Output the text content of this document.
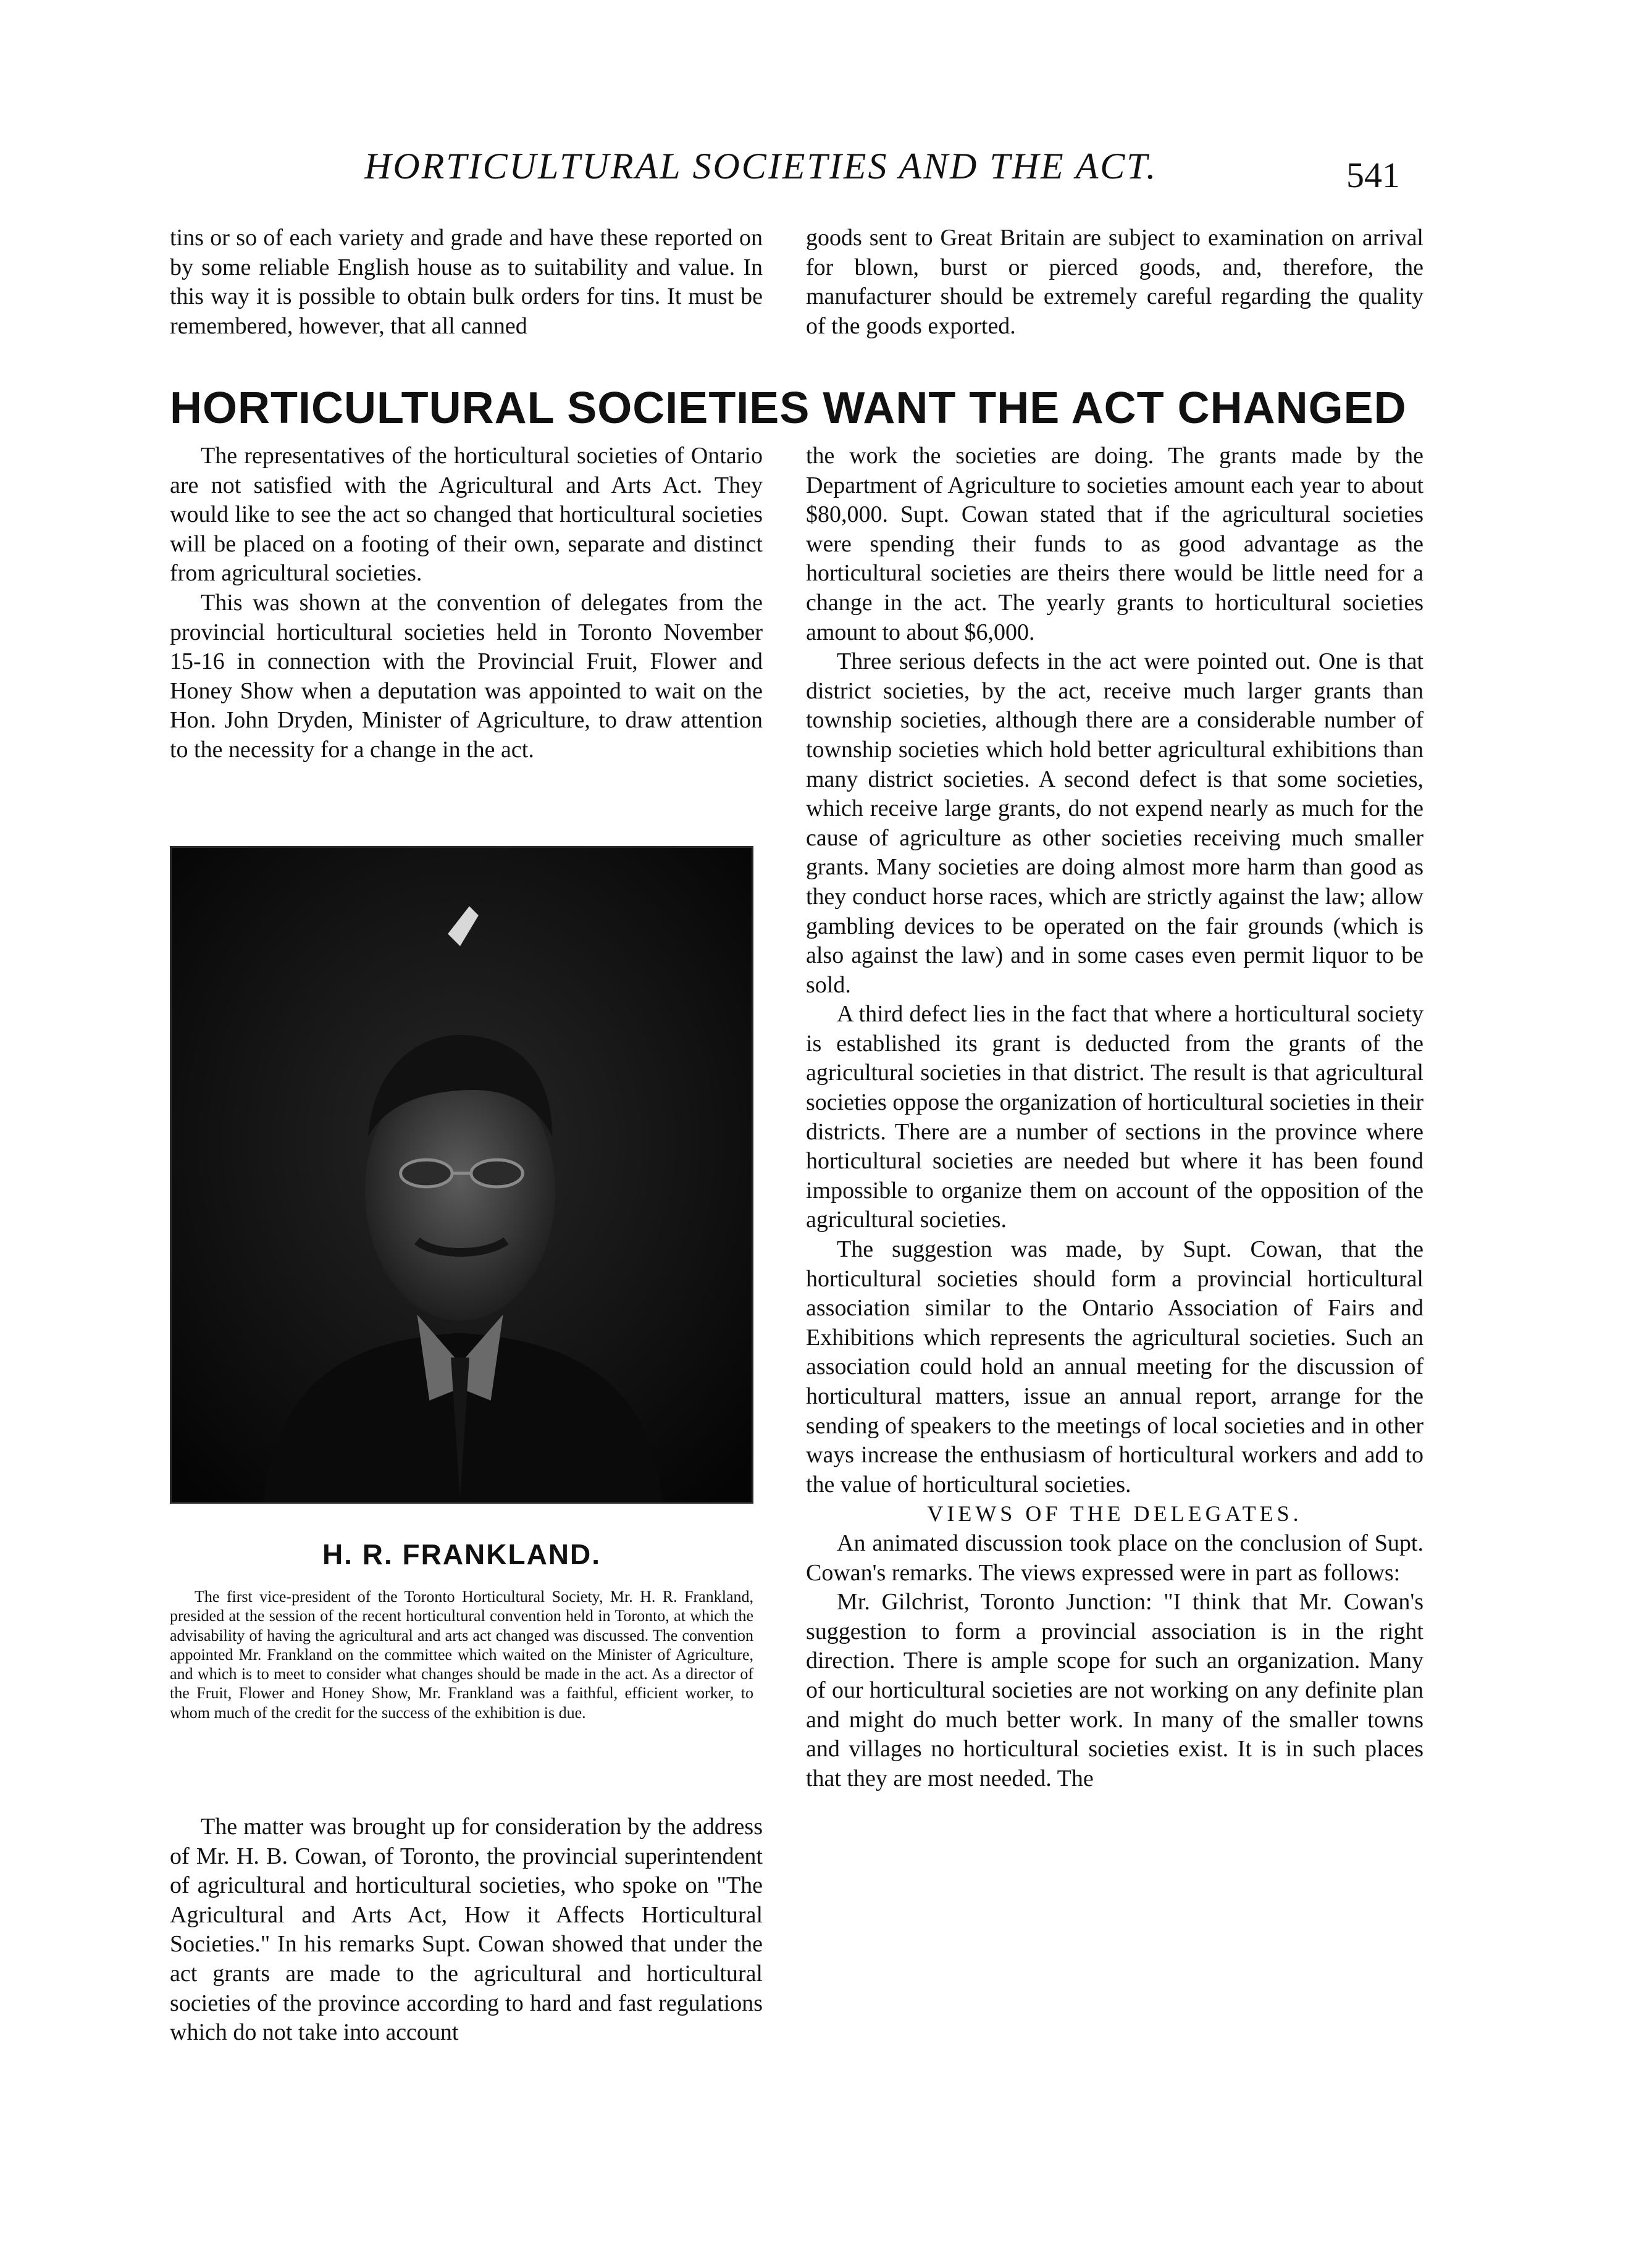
HORTICULTURAL SOCIETIES AND THE ACT.	541

tins or so of each variety and grade and have these reported on by some reliable English house as to suitability and value. In this way it is possible to obtain bulk orders for tins. It must be remembered, however, that all canned

goods sent to Great Britain are subject to examination on arrival for blown, burst or pierced goods, and, therefore, the manufacturer should be extremely careful regarding the quality of the goods exported.

HORTICULTURAL SOCIETIES WANT THE ACT CHANGED

The representatives of the horticultural societies of Ontario are not satisfied with the Agricultural and Arts Act. They would like to see the act so changed that horticultural societies will be placed on a footing of their own, separate and distinct from agricultural societies.

This was shown at the convention of delegates from the provincial horticultural societies held in Toronto November 15-16 in connection with the Provincial Fruit, Flower and Honey Show when a deputation was appointed to wait on the Hon. John Dryden, Minister of Agriculture, to draw attention to the necessity for a change in the act.

H. R. FRANKLAND.

The first vice-president of the Toronto Horticultural Society, Mr. H. R. Frankland, presided at the session of the recent horticultural convention held in Toronto, at which the advisability of having the agricultural and arts act changed was discussed. The convention appointed Mr. Frankland on the committee which waited on the Minister of Agriculture, and which is to meet to consider what changes should be made in the act. As a director of the Fruit, Flower and Honey Show, Mr. Frankland was a faithful, efficient worker, to whom much of the credit for the success of the exhibition is due.

The matter was brought up for consideration by the address of Mr. H. B. Cowan, of Toronto, the provincial superintendent of agricultural and horticultural societies, who spoke on "The Agricultural and Arts Act, How it Affects Horticultural Societies." In his remarks Supt. Cowan showed that under the act grants are made to the agricultural and horticultural societies of the province according to hard and fast regulations which do not take into account

the work the societies are doing. The grants made by the Department of Agriculture to societies amount each year to about $80,000. Supt. Cowan stated that if the agricultural societies were spending their funds to as good advantage as the horticultural societies are theirs there would be little need for a change in the act. The yearly grants to horticultural societies amount to about $6,000.

Three serious defects in the act were pointed out. One is that district societies, by the act, receive much larger grants than township societies, although there are a considerable number of township societies which hold better agricultural exhibitions than many district societies. A second defect is that some societies, which receive large grants, do not expend nearly as much for the cause of agriculture as other societies receiving much smaller grants. Many societies are doing almost more harm than good as they conduct horse races, which are strictly against the law; allow gambling devices to be operated on the fair grounds (which is also against the law) and in some cases even permit liquor to be sold.

A third defect lies in the fact that where a horticultural society is established its grant is deducted from the grants of the agricultural societies in that district. The result is that agricultural societies oppose the organization of horticultural societies in their districts. There are a number of sections in the province where horticultural societies are needed but where it has been found impossible to organize them on account of the opposition of the agricultural societies.

The suggestion was made, by Supt. Cowan, that the horticultural societies should form a provincial horticultural association similar to the Ontario Association of Fairs and Exhibitions which represents the agricultural societies. Such an association could hold an annual meeting for the discussion of horticultural matters, issue an annual report, arrange for the sending of speakers to the meetings of local societies and in other ways increase the enthusiasm of horticultural workers and add to the value of horticultural societies.

VIEWS OF THE DELEGATES.

An animated discussion took place on the conclusion of Supt. Cowan's remarks. The views expressed were in part as follows:

Mr. Gilchrist, Toronto Junction: "I think that Mr. Cowan's suggestion to form a provincial association is in the right direction. There is ample scope for such an organization. Many of our horticultural societies are not working on any definite plan and might do much better work. In many of the smaller towns and villages no horticultural societies exist. It is in such places that they are most needed. The
